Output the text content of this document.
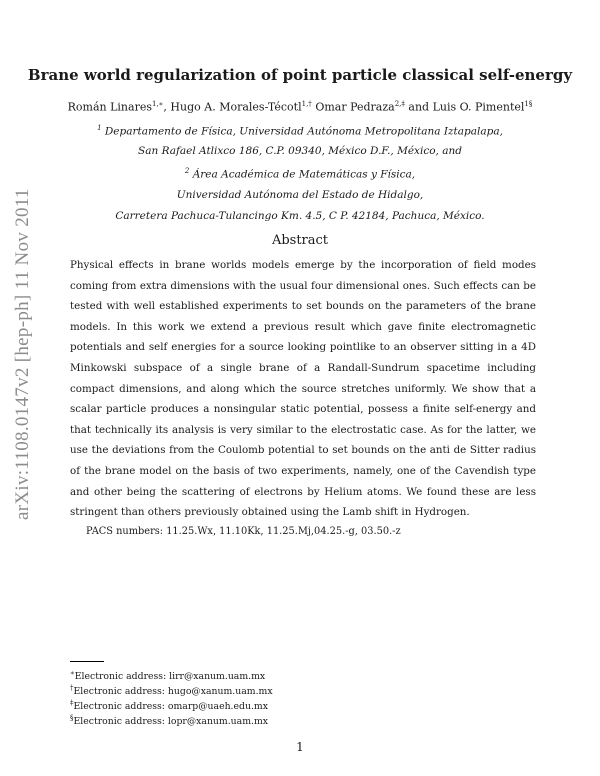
arXiv:1108.0147v2 [hep-ph] 11 Nov 2011
Brane world regularization of point particle classical self-energy
Román Linares$^{1,∗}$, Hugo A. Morales-Técotl$^{1,\dagger}$ Omar Pedraza$^{2,\ddagger}$ and Luis O. Pimentel$^{1\S}$
$^1$ Departamento de Física, Universidad Autónoma Metropolitana Iztapalapa,
San Rafael Atlixco 186, C.P. 09340, México D.F., México, and
$^2$ Área Académica de Matemáticas y Física,
Universidad Autónoma del Estado de Hidalgo,
Carretera Pachuca-Tulancingo Km. 4.5, C P. 42184, Pachuca, México.
Abstract
Physical effects in brane worlds models emerge by the incorporation of field modes coming from extra dimensions with the usual four dimensional ones. Such effects can be tested with well established experiments to set bounds on the parameters of the brane models. In this work we extend a previous result which gave finite electromagnetic potentials and self energies for a source looking pointlike to an observer sitting in a 4D Minkowski subspace of a single brane of a Randall-Sundrum spacetime including compact dimensions, and along which the source stretches uniformly. We show that a scalar particle produces a nonsingular static potential, possess a finite self-energy and that technically its analysis is very similar to the electrostatic case. As for the latter, we use the deviations from the Coulomb potential to set bounds on the anti de Sitter radius of the brane model on the basis of two experiments, namely, one of the Cavendish type and other being the scattering of electrons by Helium atoms. We found these are less stringent than others previously obtained using the Lamb shift in Hydrogen.
PACS numbers: 11.25.Wx, 11.10Kk, 11.25.Mj,04.25.-g, 03.50.-z
∗Electronic address: lirr@xanum.uam.mx
†Electronic address: hugo@xanum.uam.mx
‡Electronic address: omarp@uaeh.edu.mx
§Electronic address: lopr@xanum.uam.mx
1
